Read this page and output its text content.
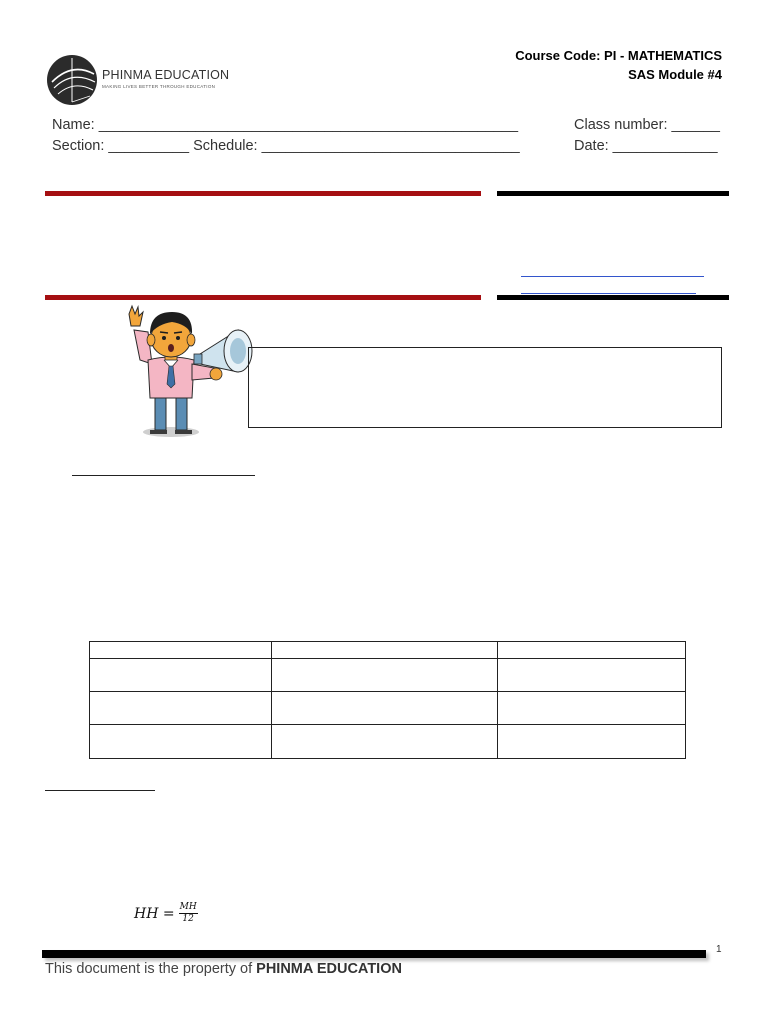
PHINMA EDUCATION
MAKING LIVES BETTER THROUGH EDUCATION
Course Code: PI - MATHEMATICS
SAS Module #4
Name: ____________________________________________________
Section: __________ Schedule: ________________________________
Class number: ______
Date: _____________

HH = $\frac{MH}{12}$
1
This document is the property of PHINMA EDUCATION
